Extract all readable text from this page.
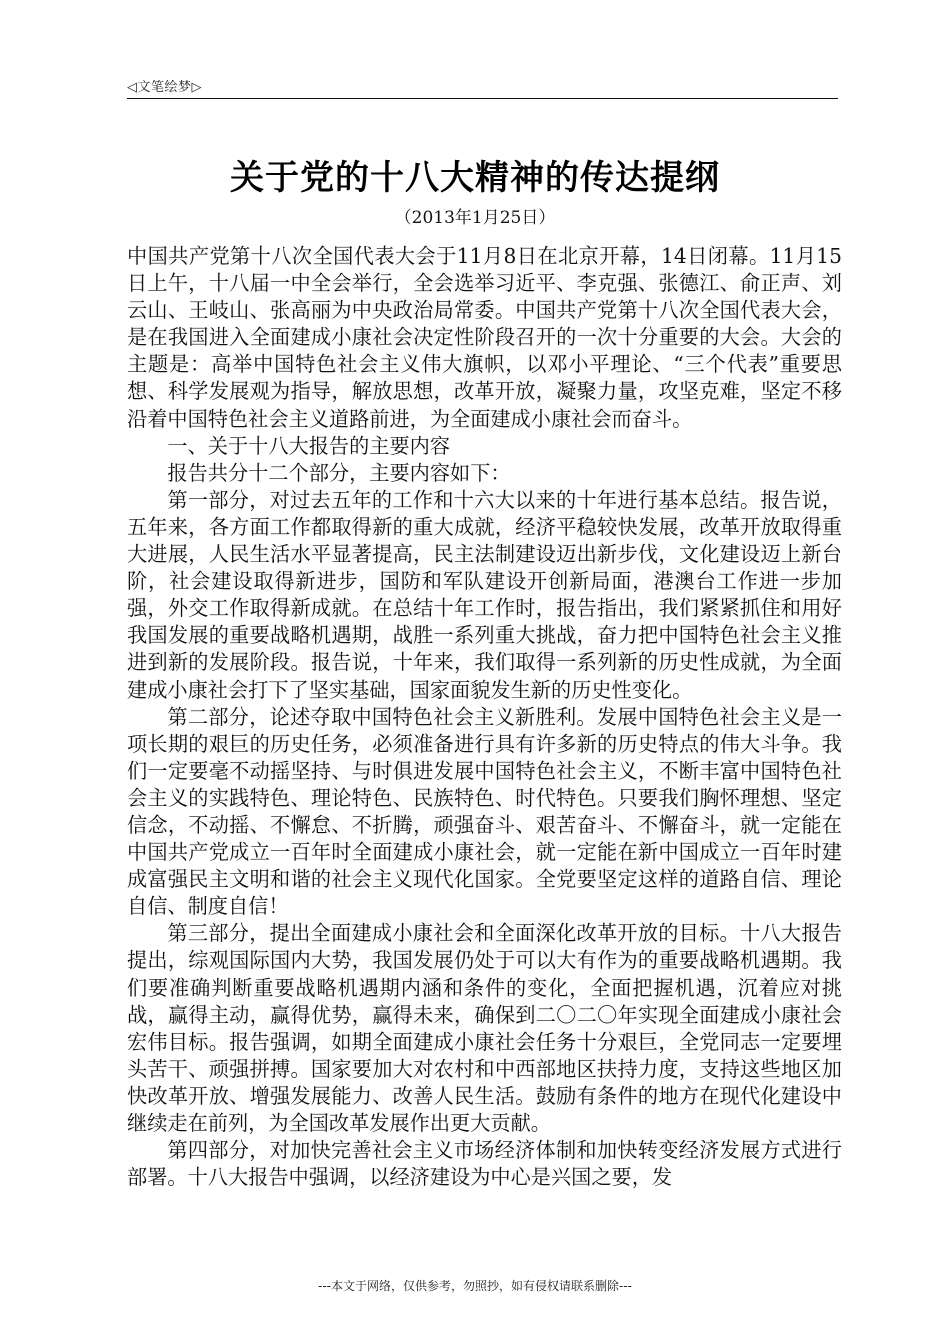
◁文笔绘梦▷
关于党的十八大精神的传达提纲
（2013年1月25日）

中国共产党第十八次全国代表大会于11月8日在北京开幕，14日闭幕。11月15日上午，十八届一中全会举行，全会选举习近平、李克强、张德江、俞正声、刘云山、王岐山、张高丽为中央政治局常委。中国共产党第十八次全国代表大会，是在我国进入全面建成小康社会决定性阶段召开的一次十分重要的大会。大会的主题是：高举中国特色社会主义伟大旗帜，以邓小平理论、“三个代表”重要思想、科学发展观为指导，解放思想，改革开放，凝聚力量，攻坚克难，坚定不移沿着中国特色社会主义道路前进，为全面建成小康社会而奋斗。

一、关于十八大报告的主要内容

报告共分十二个部分，主要内容如下：

第一部分，对过去五年的工作和十六大以来的十年进行基本总结。报告说，五年来，各方面工作都取得新的重大成就，经济平稳较快发展，改革开放取得重大进展，人民生活水平显著提高，民主法制建设迈出新步伐，文化建设迈上新台阶，社会建设取得新进步，国防和军队建设开创新局面，港澳台工作进一步加强，外交工作取得新成就。在总结十年工作时，报告指出，我们紧紧抓住和用好我国发展的重要战略机遇期，战胜一系列重大挑战，奋力把中国特色社会主义推进到新的发展阶段。报告说，十年来，我们取得一系列新的历史性成就，为全面建成小康社会打下了坚实基础，国家面貌发生新的历史性变化。

第二部分，论述夺取中国特色社会主义新胜利。发展中国特色社会主义是一项长期的艰巨的历史任务，必须准备进行具有许多新的历史特点的伟大斗争。我们一定要毫不动摇坚持、与时俱进发展中国特色社会主义，不断丰富中国特色社会主义的实践特色、理论特色、民族特色、时代特色。只要我们胸怀理想、坚定信念，不动摇、不懈怠、不折腾，顽强奋斗、艰苦奋斗、不懈奋斗，就一定能在中国共产党成立一百年时全面建成小康社会，就一定能在新中国成立一百年时建成富强民主文明和谐的社会主义现代化国家。全党要坚定这样的道路自信、理论自信、制度自信！

第三部分，提出全面建成小康社会和全面深化改革开放的目标。十八大报告提出，综观国际国内大势，我国发展仍处于可以大有作为的重要战略机遇期。我们要准确判断重要战略机遇期内涵和条件的变化，全面把握机遇，沉着应对挑战，赢得主动，赢得优势，赢得未来，确保到二〇二〇年实现全面建成小康社会宏伟目标。报告强调，如期全面建成小康社会任务十分艰巨，全党同志一定要埋头苦干、顽强拼搏。国家要加大对农村和中西部地区扶持力度，支持这些地区加快改革开放、增强发展能力、改善人民生活。鼓励有条件的地方在现代化建设中继续走在前列，为全国改革发展作出更大贡献。

第四部分，对加快完善社会主义市场经济体制和加快转变经济发展方式进行部署。十八大报告中强调，以经济建设为中心是兴国之要，发

---本文于网络，仅供参考，勿照抄，如有侵权请联系删除---
